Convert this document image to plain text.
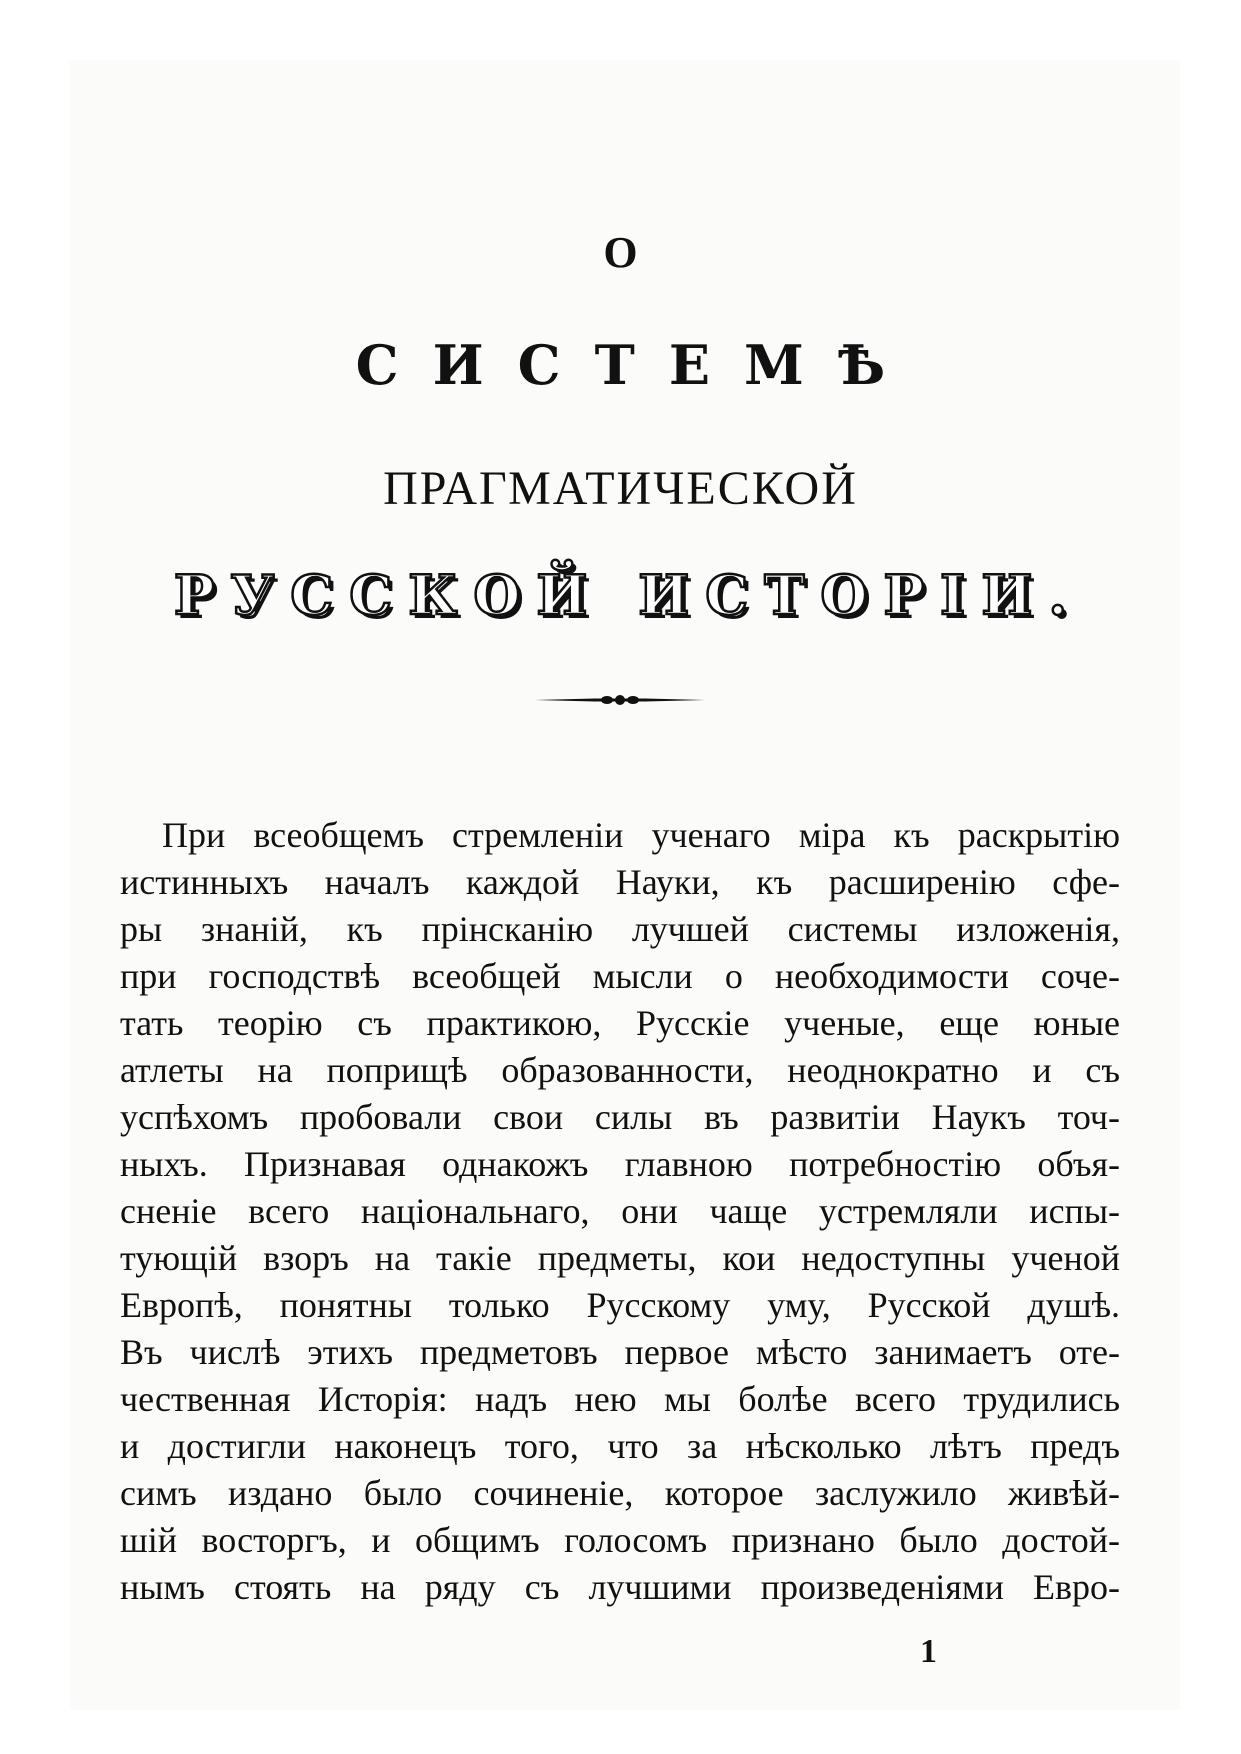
О
СИСТЕМѢ
ПРАГМАТИЧЕСКОЙ
РУССКОЙ ИСТОРІИ.
При всеобщемъ стремленіи ученаго міра къ раскрытію
истинныхъ началъ каждой Науки, къ расширенію сфе-
ры знаній, къ прінсканію лучшей системы изложенія,
при господствѣ всеобщей мысли о необходимости соче-
тать теорію съ практикою, Русскіе ученые, еще юные
атлеты на поприщѣ образованности, неоднократно и съ
успѣхомъ пробовали свои силы въ развитіи Наукъ точ-
ныхъ. Признавая однакожъ главною потребностію объя-
сненіе всего національнаго, они чаще устремляли испы-
тующій взоръ на такіе предметы, кои недоступны ученой
Европѣ, понятны только Русскому уму, Русской душѣ.
Въ числѣ этихъ предметовъ первое мѣсто занимаетъ оте-
чественная Исторія: надъ нею мы болѣе всего трудились
и достигли наконецъ того, что за нѣсколько лѣтъ предъ
симъ издано было сочиненіе, которое заслужило живѣй-
шій восторгъ, и общимъ голосомъ признано было достой-
нымъ стоять на ряду съ лучшими произведеніями Евро-
1
